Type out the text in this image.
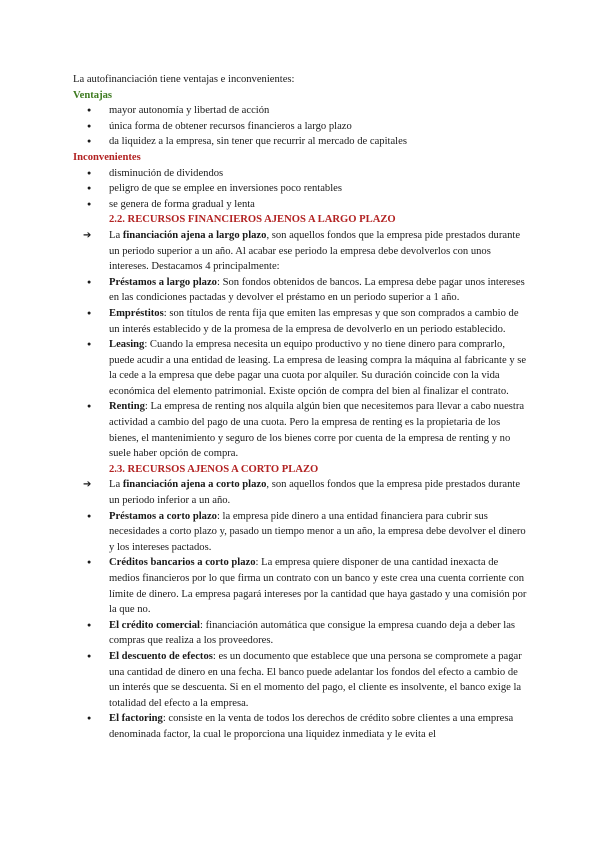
La autofinanciación tiene ventajas e inconvenientes:

Ventajas

● mayor autonomía y libertad de acción
● única forma de obtener recursos financieros a largo plazo
● da liquidez a la empresa, sin tener que recurrir al mercado de capitales

Inconvenientes

● disminución de dividendos
● peligro de que se emplee en inversiones poco rentables
● se genera de forma gradual y lenta

2.2. RECURSOS FINANCIEROS AJENOS A LARGO PLAZO

➔ La financiación ajena a largo plazo, son aquellos fondos que la empresa pide prestados durante un periodo superior a un año. Al acabar ese periodo la empresa debe devolverlos con unos intereses. Destacamos 4 principalmente:
● Préstamos a largo plazo: Son fondos obtenidos de bancos. La empresa debe pagar unos intereses en las condiciones pactadas y devolver el préstamo en un periodo superior a 1 año.
● Empréstitos: son títulos de renta fija que emiten las empresas y que son comprados a cambio de un interés establecido y de la promesa de la empresa de devolverlo en un periodo establecido.
● Leasing: Cuando la empresa necesita un equipo productivo y no tiene dinero para comprarlo, puede acudir a una entidad de leasing. La empresa de leasing compra la máquina al fabricante y se la cede a la empresa que debe pagar una cuota por alquiler. Su duración coincide con la vida económica del elemento patrimonial. Existe opción de compra del bien al finalizar el contrato.
● Renting: La empresa de renting nos alquila algún bien que necesitemos para llevar a cabo nuestra actividad a cambio del pago de una cuota. Pero la empresa de renting es la propietaria de los bienes, el mantenimiento y seguro de los bienes corre por cuenta de la empresa de renting y no suele haber opción de compra.

2.3. RECURSOS AJENOS A CORTO PLAZO

➔ La financiación ajena a corto plazo, son aquellos fondos que la empresa pide prestados durante un periodo inferior a un año.
● Préstamos a corto plazo: la empresa pide dinero a una entidad financiera para cubrir sus necesidades a corto plazo y, pasado un tiempo menor a un año, la empresa debe devolver el dinero y los intereses pactados.
● Créditos bancarios a corto plazo: La empresa quiere disponer de una cantidad inexacta de medios financieros por lo que firma un contrato con un banco y este crea una cuenta corriente con límite de dinero. La empresa pagará intereses por la cantidad que haya gastado y una comisión por la que no.
● El crédito comercial: financiación automática que consigue la empresa cuando deja a deber las compras que realiza a los proveedores.
● El descuento de efectos: es un documento que establece que una persona se compromete a pagar una cantidad de dinero en una fecha. El banco puede adelantar los fondos del efecto a cambio de un interés que se descuenta. Si en el momento del pago, el cliente es insolvente, el banco exige la totalidad del efecto a la empresa.
● El factoring: consiste en la venta de todos los derechos de crédito sobre clientes a una empresa denominada factor, la cual le proporciona una liquidez inmediata y le evita el
